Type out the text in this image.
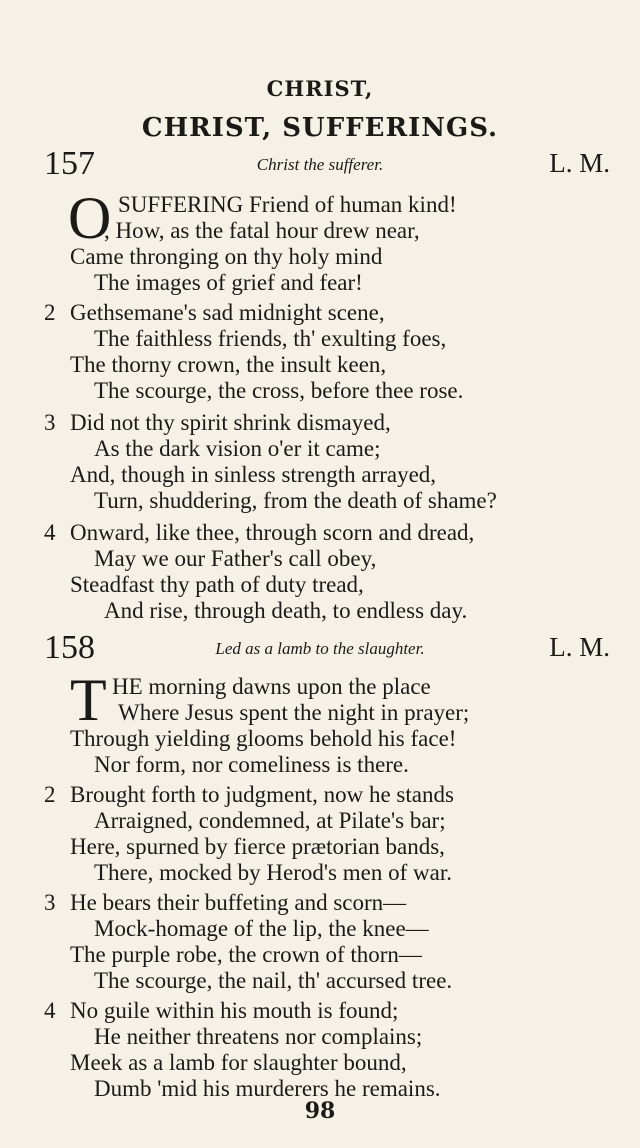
CHRIST,
CHRIST, SUFFERINGS.
157	Christ the sufferer.	L. M.
O SUFFERING Friend of human kind!
, How, as the fatal hour drew near,
Came thronging on thy holy mind
The images of grief and fear!
2 Gethsemane's sad midnight scene,
The faithless friends, th' exulting foes,
The thorny crown, the insult keen,
The scourge, the cross, before thee rose.
3 Did not thy spirit shrink dismayed,
As the dark vision o'er it came;
And, though in sinless strength arrayed,
Turn, shuddering, from the death of shame?
4 Onward, like thee, through scorn and dread,
May we our Father's call obey,
Steadfast thy path of duty tread,
And rise, through death, to endless day.
158	Led as a lamb to the slaughter.	L. M.
T HE morning dawns upon the place
Where Jesus spent the night in prayer;
Through yielding glooms behold his face!
Nor form, nor comeliness is there.
2 Brought forth to judgment, now he stands
Arraigned, condemned, at Pilate's bar;
Here, spurned by fierce prætorian bands,
There, mocked by Herod's men of war.
3 He bears their buffeting and scorn—
Mock-homage of the lip, the knee—
The purple robe, the crown of thorn—
The scourge, the nail, th' accursed tree.
4 No guile within his mouth is found;
He neither threatens nor complains;
Meek as a lamb for slaughter bound,
Dumb 'mid his murderers he remains.
98
